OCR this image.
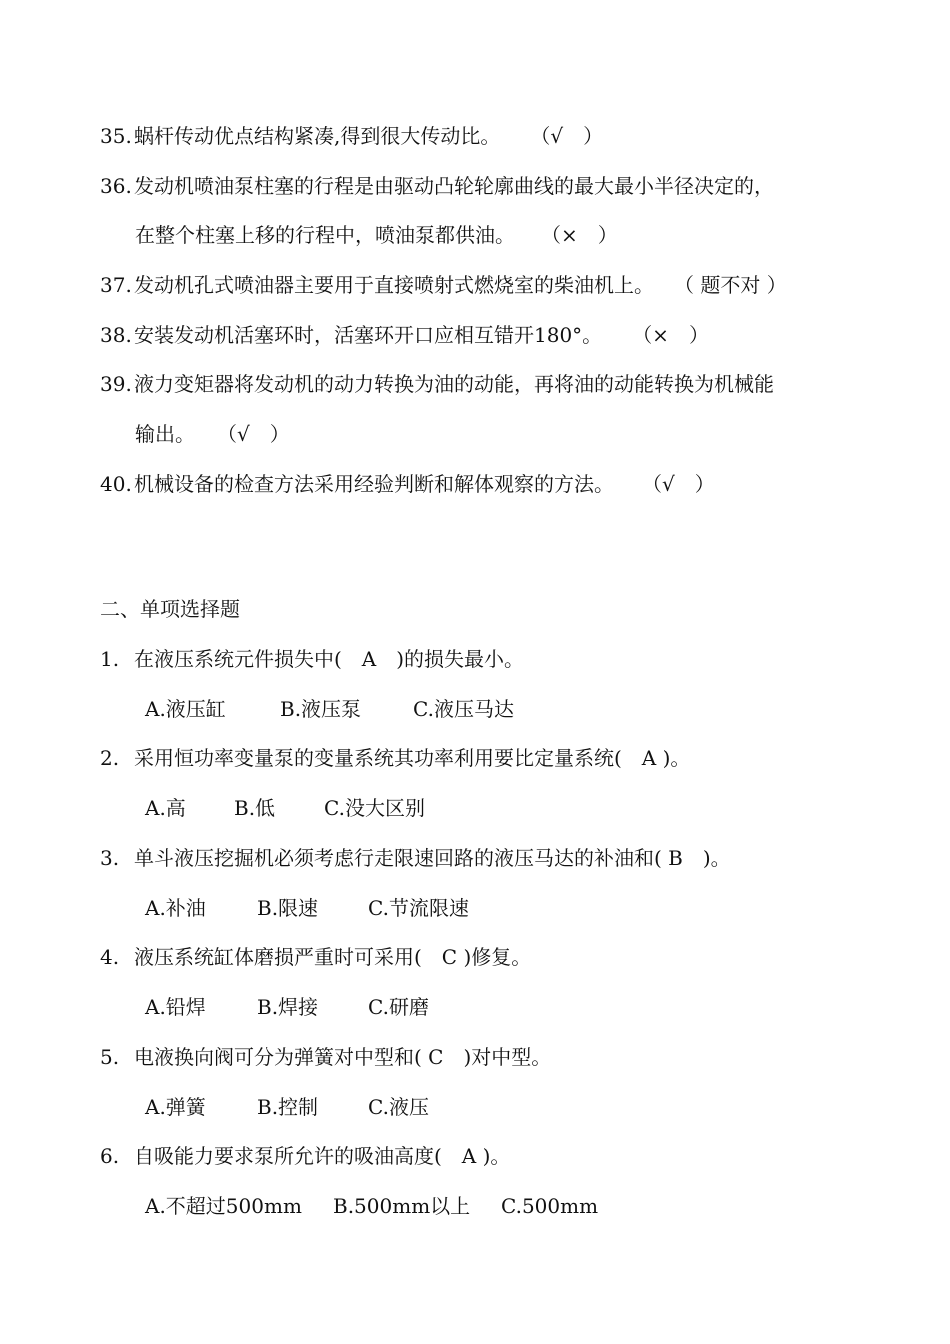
35. 蜗杆传动优点结构紧凑,得到很大传动比。 （√　）
36. 发动机喷油泵柱塞的行程是由驱动凸轮轮廓曲线的最大最小半径决定的，
在整个柱塞上移的行程中，喷油泵都供油。 （×　）
37. 发动机孔式喷油器主要用于直接喷射式燃烧室的柴油机上。 （ 题不对 ）
38. 安装发动机活塞环时，活塞环开口应相互错开180°。 （×　）
39. 液力变矩器将发动机的动力转换为油的动能，再将油的动能转换为机械能
输出。 （√　）
40. 机械设备的检查方法采用经验判断和解体观察的方法。 （√　）
二、单项选择题
1. 在液压系统元件损失中(　A　)的损失最小。
A.液压缸	B.液压泵	C.液压马达
2. 采用恒功率变量泵的变量系统其功率利用要比定量系统(　A )。
A.高 B.低 C.没大区别
3. 单斗液压挖掘机必须考虑行走限速回路的液压马达的补油和( B　)。
A.补油	B.限速 C.节流限速
4. 液压系统缸体磨损严重时可采用(　C )修复。
A.铅焊	B.焊接 C.研磨
5. 电液换向阀可分为弹簧对中型和( C　)对中型。
A.弹簧	B.控制 C.液压
6. 自吸能力要求泵所允许的吸油高度(　A )。
A.不超过500mm B.500mm以上 C.500mm
